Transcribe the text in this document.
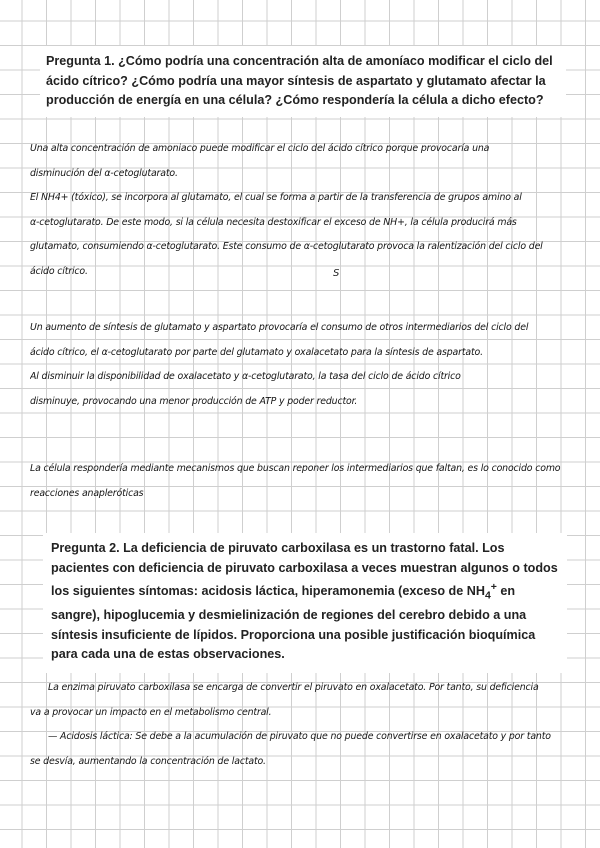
Pregunta 1. ¿Cómo podría una concentración alta de amoníaco modificar el ciclo del ácido cítrico? ¿Cómo podría una mayor síntesis de aspartato y glutamato afectar la producción de energía en una célula? ¿Cómo respondería la célula a dicho efecto?
Una alta concentración de amoniaco puede modificar el ciclo del ácido cítrico porque provocaría una
disminución del α-cetoglutarato.
El NH4+ (tóxico), se incorpora al glutamato, el cual se forma a partir de la transferencia de grupos amino al
α-cetoglutarato. De este modo, si la célula necesita destoxificar el exceso de NH+, la célula producirá más
glutamato, consumiendo α-cetoglutarato. Este consumo de α-cetoglutarato provoca la ralentización del ciclo del
ácido cítrico.	S
Un aumento de síntesis de glutamato y aspartato provocaría el consumo de otros intermediarios del ciclo del
ácido cítrico, el α-cetoglutarato por parte del glutamato y oxalacetato para la síntesis de aspartato.
Al disminuir la disponibilidad de oxalacetato y α-cetoglutarato, la tasa del ciclo de ácido cítrico
disminuye, provocando una menor producción de ATP y poder reductor.
La célula respondería mediante mecanismos que buscan reponer los intermediarios que faltan, es lo conocido como
reacciones anapleróticas
Pregunta 2. La deficiencia de piruvato carboxilasa es un trastorno fatal. Los pacientes con deficiencia de piruvato carboxilasa a veces muestran algunos o todos los siguientes síntomas: acidosis láctica, hiperamonemia (exceso de $NH_4^+$ en sangre), hipoglucemia y desmielinización de regiones del cerebro debido a una síntesis insuficiente de lípidos. Proporciona una posible justificación bioquímica para cada una de estas observaciones.
La enzima piruvato carboxilasa se encarga de convertir el piruvato en oxalacetato. Por tanto, su deficiencia
va a provocar un impacto en el metabolismo central.
— Acidosis láctica: Se debe a la acumulación de piruvato que no puede convertirse en oxalacetato y por tanto
se desvía, aumentando la concentración de lactato.
